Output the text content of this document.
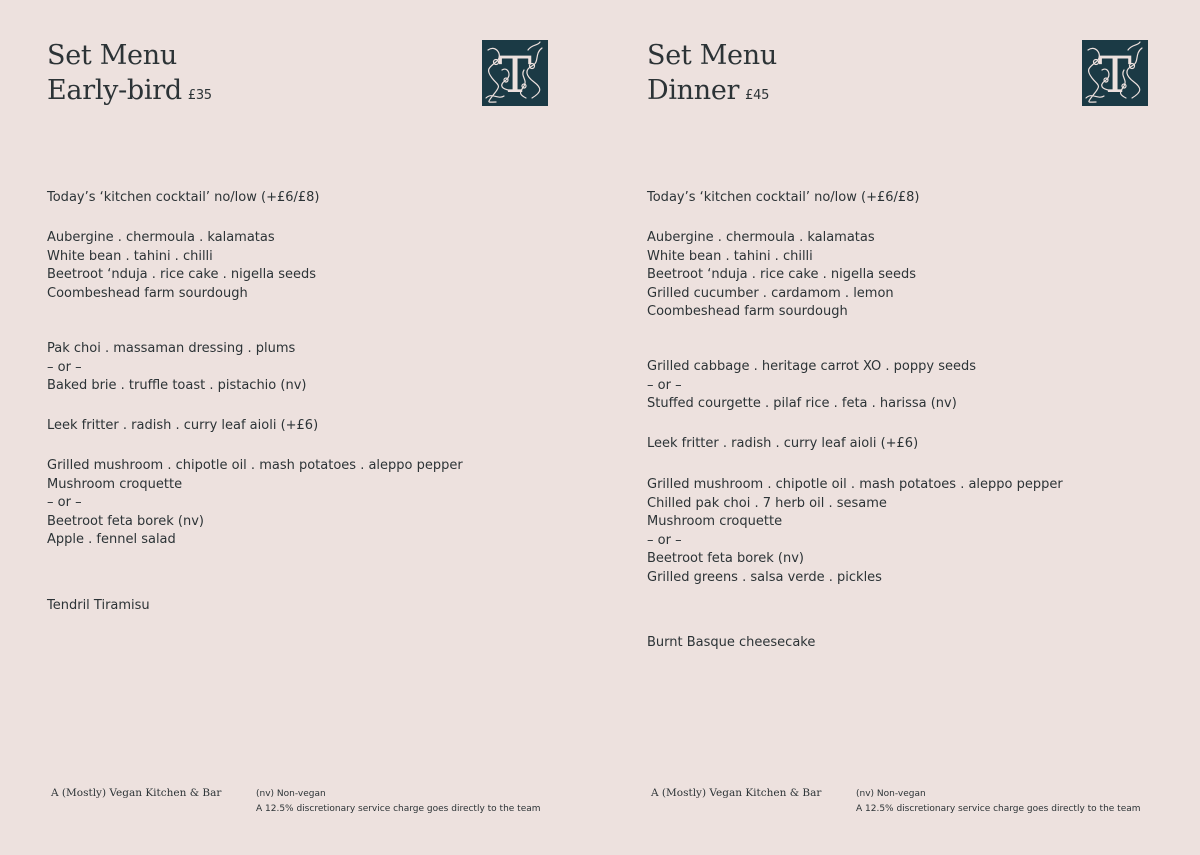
Set Menu
Early-bird £35	T
Today’s ‘kitchen cocktail’ no/low (+£6/£8)
Aubergine . chermoula . kalamatas
White bean . tahini . chilli
Beetroot ‘nduja . rice cake . nigella seeds
Coombeshead farm sourdough
Pak choi . massaman dressing . plums
– or –
Baked brie . truffle toast . pistachio (nv)
Leek fritter . radish . curry leaf aioli (+£6)
Grilled mushroom . chipotle oil . mash potatoes . aleppo pepper
Mushroom croquette
– or –
Beetroot feta borek (nv)
Apple . fennel salad
Tendril Tiramisu
A (Mostly) Vegan Kitchen & Bar	(nv) Non-vegan
A 12.5% discretionary service charge goes directly to the team
Set Menu
Dinner £45	T
Today’s ‘kitchen cocktail’ no/low (+£6/£8)
Aubergine . chermoula . kalamatas
White bean . tahini . chilli
Beetroot ‘nduja . rice cake . nigella seeds
Grilled cucumber . cardamom . lemon
Coombeshead farm sourdough
Grilled cabbage . heritage carrot XO . poppy seeds
– or –
Stuffed courgette . pilaf rice . feta . harissa (nv)
Leek fritter . radish . curry leaf aioli (+£6)
Grilled mushroom . chipotle oil . mash potatoes . aleppo pepper
Chilled pak choi . 7 herb oil . sesame
Mushroom croquette
– or –
Beetroot feta borek (nv)
Grilled greens . salsa verde . pickles
Burnt Basque cheesecake
A (Mostly) Vegan Kitchen & Bar	(nv) Non-vegan
A 12.5% discretionary service charge goes directly to the team
